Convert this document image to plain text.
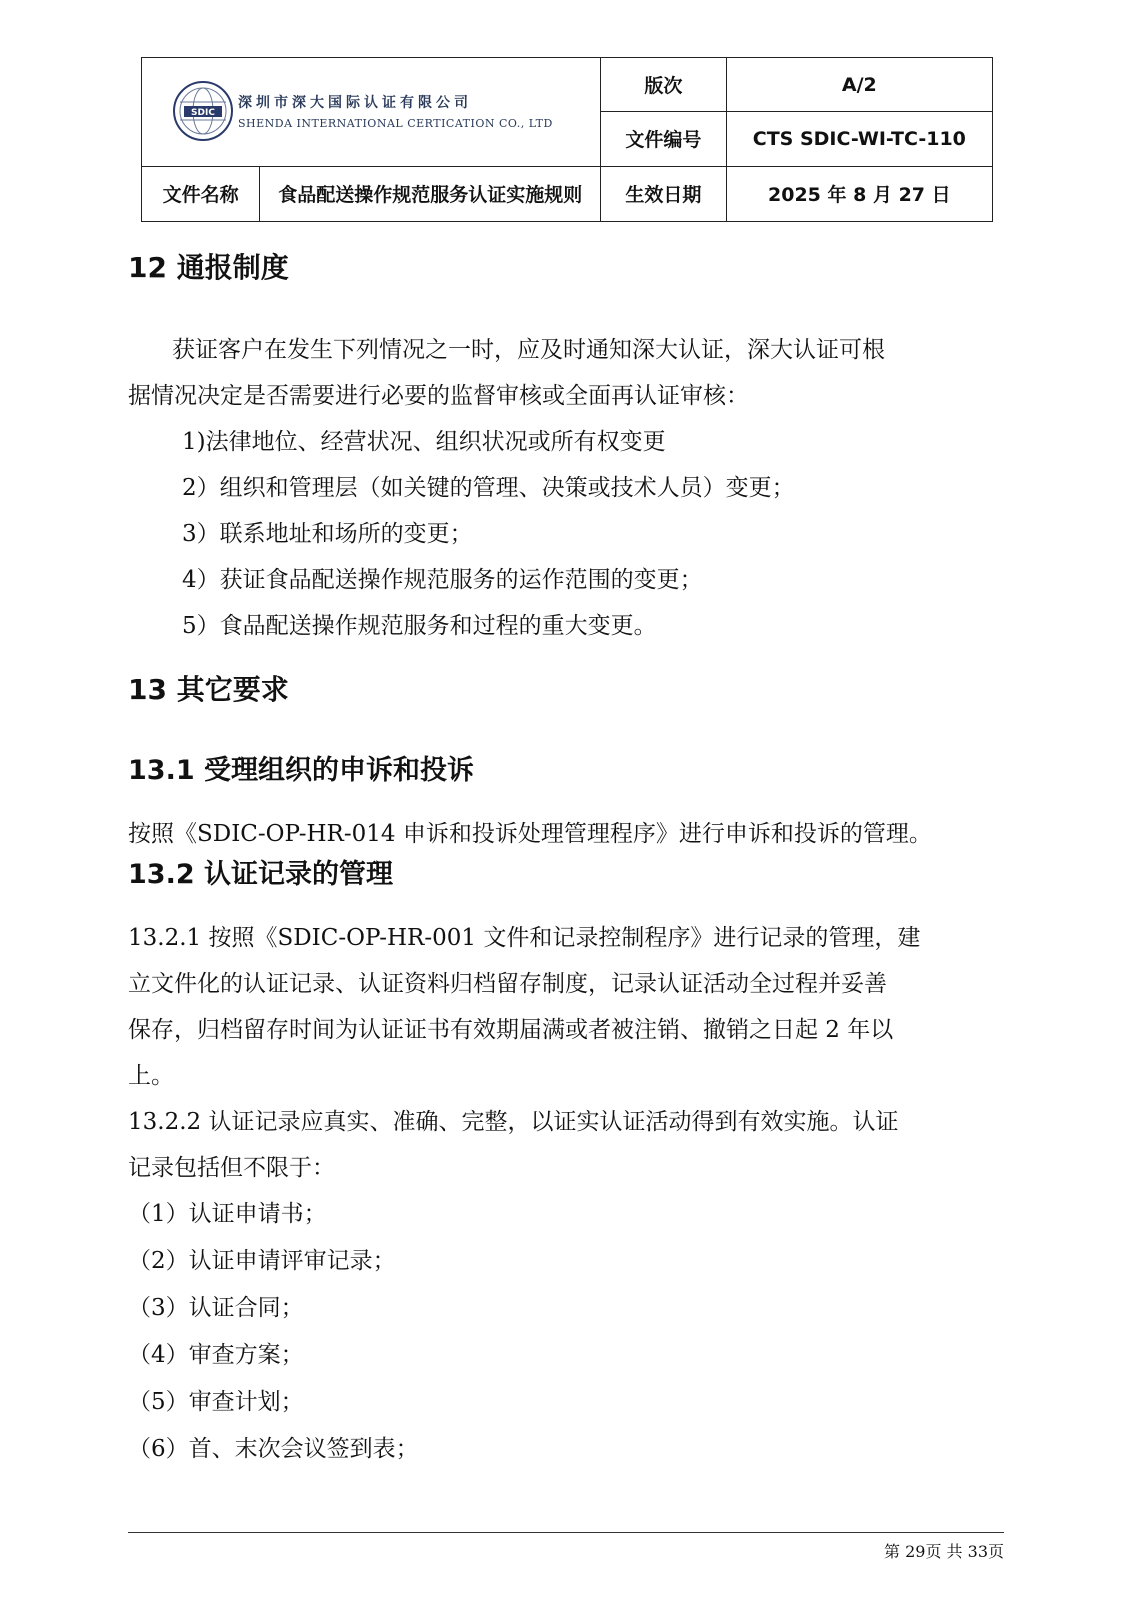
SDIC
深圳市深大国际认证有限公司
SHENDA INTERNATIONAL CERTICATION CO., LTD		版次	A/2
		文件编号	CTS SDIC-WI-TC-110
文件名称	食品配送操作规范服务认证实施规则	生效日期	2025 年 8 月 27 日
12 通报制度
获证客户在发生下列情况之一时，应及时通知深大认证，深大认证可根
据情况决定是否需要进行必要的监督审核或全面再认证审核：
1)法律地位、经营状况、组织状况或所有权变更
2）组织和管理层（如关键的管理、决策或技术人员）变更；
3）联系地址和场所的变更；
4）获证食品配送操作规范服务的运作范围的变更；
5）食品配送操作规范服务和过程的重大变更。
13 其它要求
13.1 受理组织的申诉和投诉
按照《SDIC-OP-HR-014 申诉和投诉处理管理程序》进行申诉和投诉的管理。
13.2 认证记录的管理
13.2.1 按照《SDIC-OP-HR-001 文件和记录控制程序》进行记录的管理，建
立文件化的认证记录、认证资料归档留存制度，记录认证活动全过程并妥善
保存，归档留存时间为认证证书有效期届满或者被注销、撤销之日起 2 年以
上。
13.2.2 认证记录应真实、准确、完整，以证实认证活动得到有效实施。认证
记录包括但不限于：
（1）认证申请书；
（2）认证申请评审记录；
（3）认证合同；
（4）审查方案；
（5）审查计划；
（6）首、末次会议签到表；
第 29页 共 33页
